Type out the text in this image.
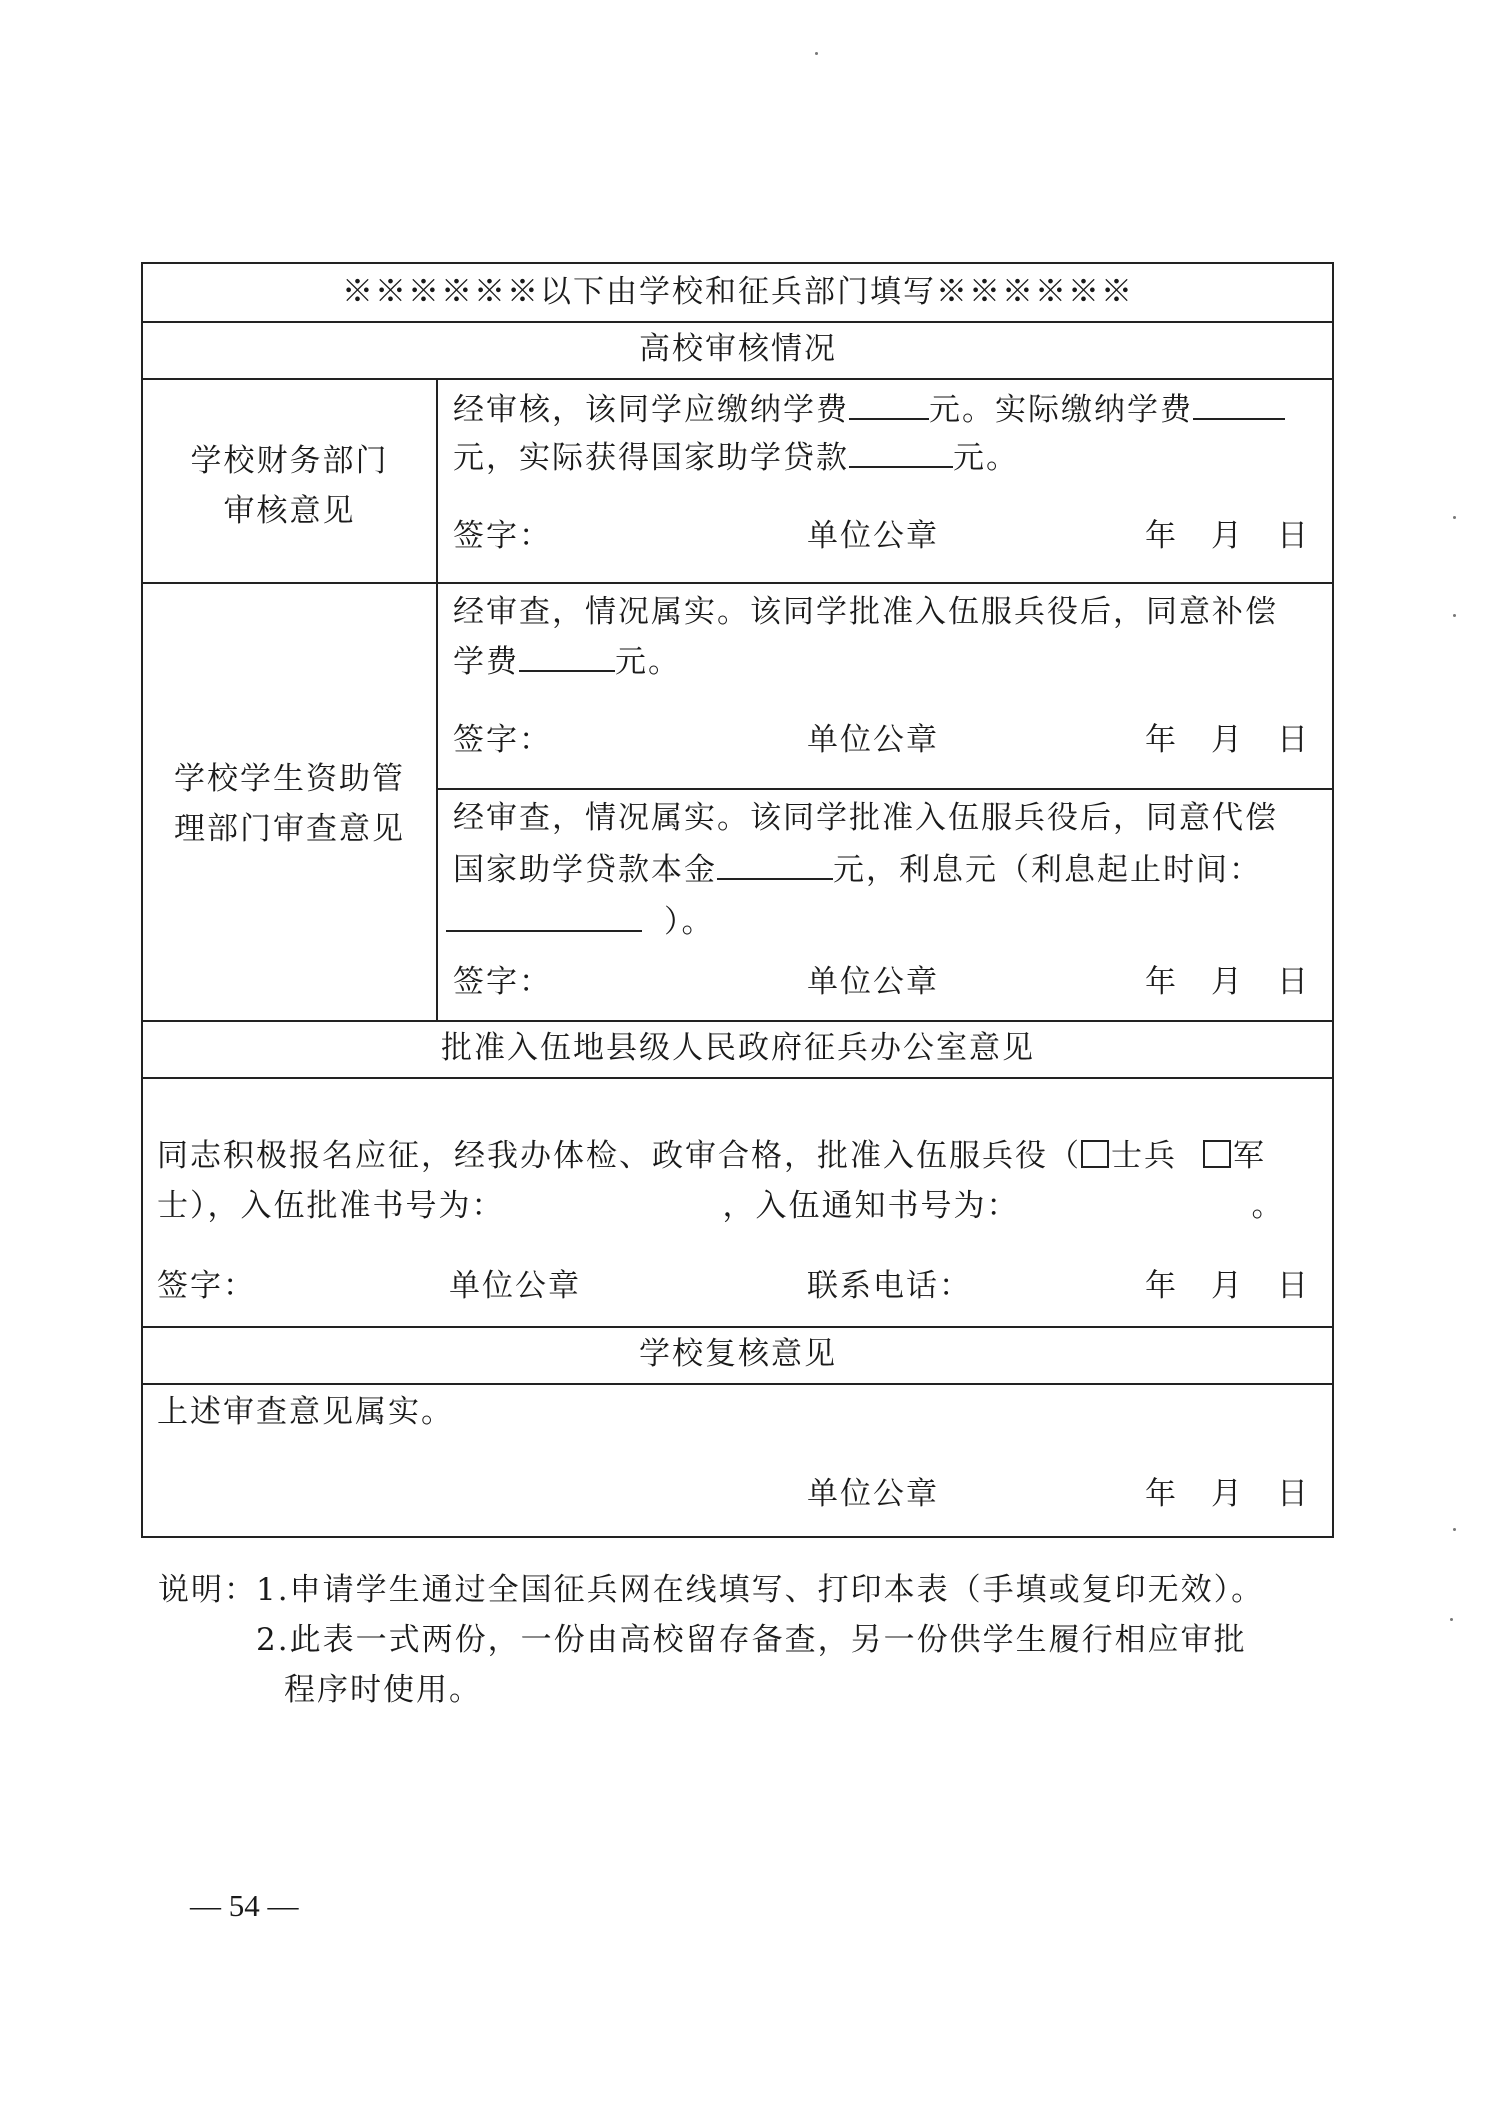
※※※※※※以下由学校和征兵部门填写※※※※※※
高校审核情况
学校财务部门
审核意见
经审核，该同学应缴纳学费	元。实际缴纳学费
元，实际获得国家助学贷款	元。
签字：	单位公章	年　月　日
学校学生资助管
理部门审查意见
经审查，情况属实。该同学批准入伍服兵役后，同意补偿
学费	元。
签字：	单位公章	年　月　日
经审查，情况属实。该同学批准入伍服兵役后，同意代偿
国家助学贷款本金	元，利息元（利息起止时间：
）。
签字：	单位公章	年　月　日
批准入伍地县级人民政府征兵办公室意见
同志积极报名应征，经我办体检、政审合格，批准入伍服兵役（ 士兵 军
士），入伍批准书号为：	，入伍通知书号为：	。
签字：	单位公章	联系电话：	年　月　日
学校复核意见
上述审查意见属实。
单位公章	年　月　日
说明： 1.申请学生通过全国征兵网在线填写、打印本表（手填或复印无效）。
2.此表一式两份，一份由高校留存备查，另一份供学生履行相应审批
程序时使用。
— 54 —
